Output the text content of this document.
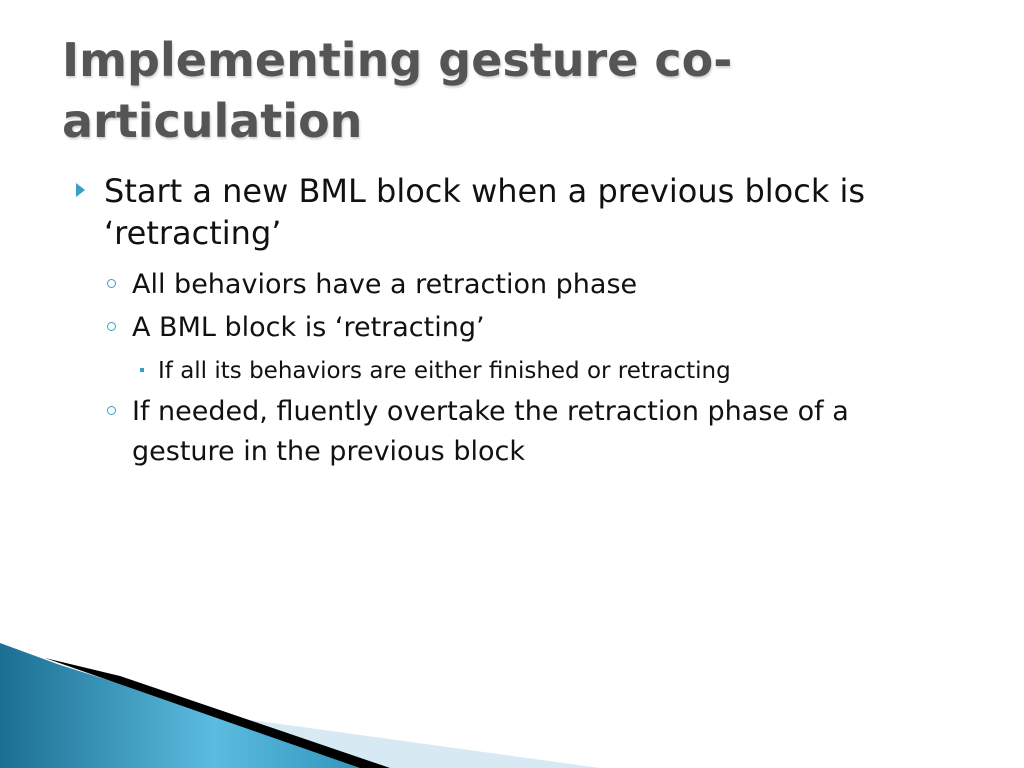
Implementing gesture co-articulation

Start a new BML block when a previous block is ‘retracting’

All behaviors have a retraction phase

A BML block is ‘retracting’

If all its behaviors are either finished or retracting

If needed, fluently overtake the retraction phase of a gesture in the previous block
